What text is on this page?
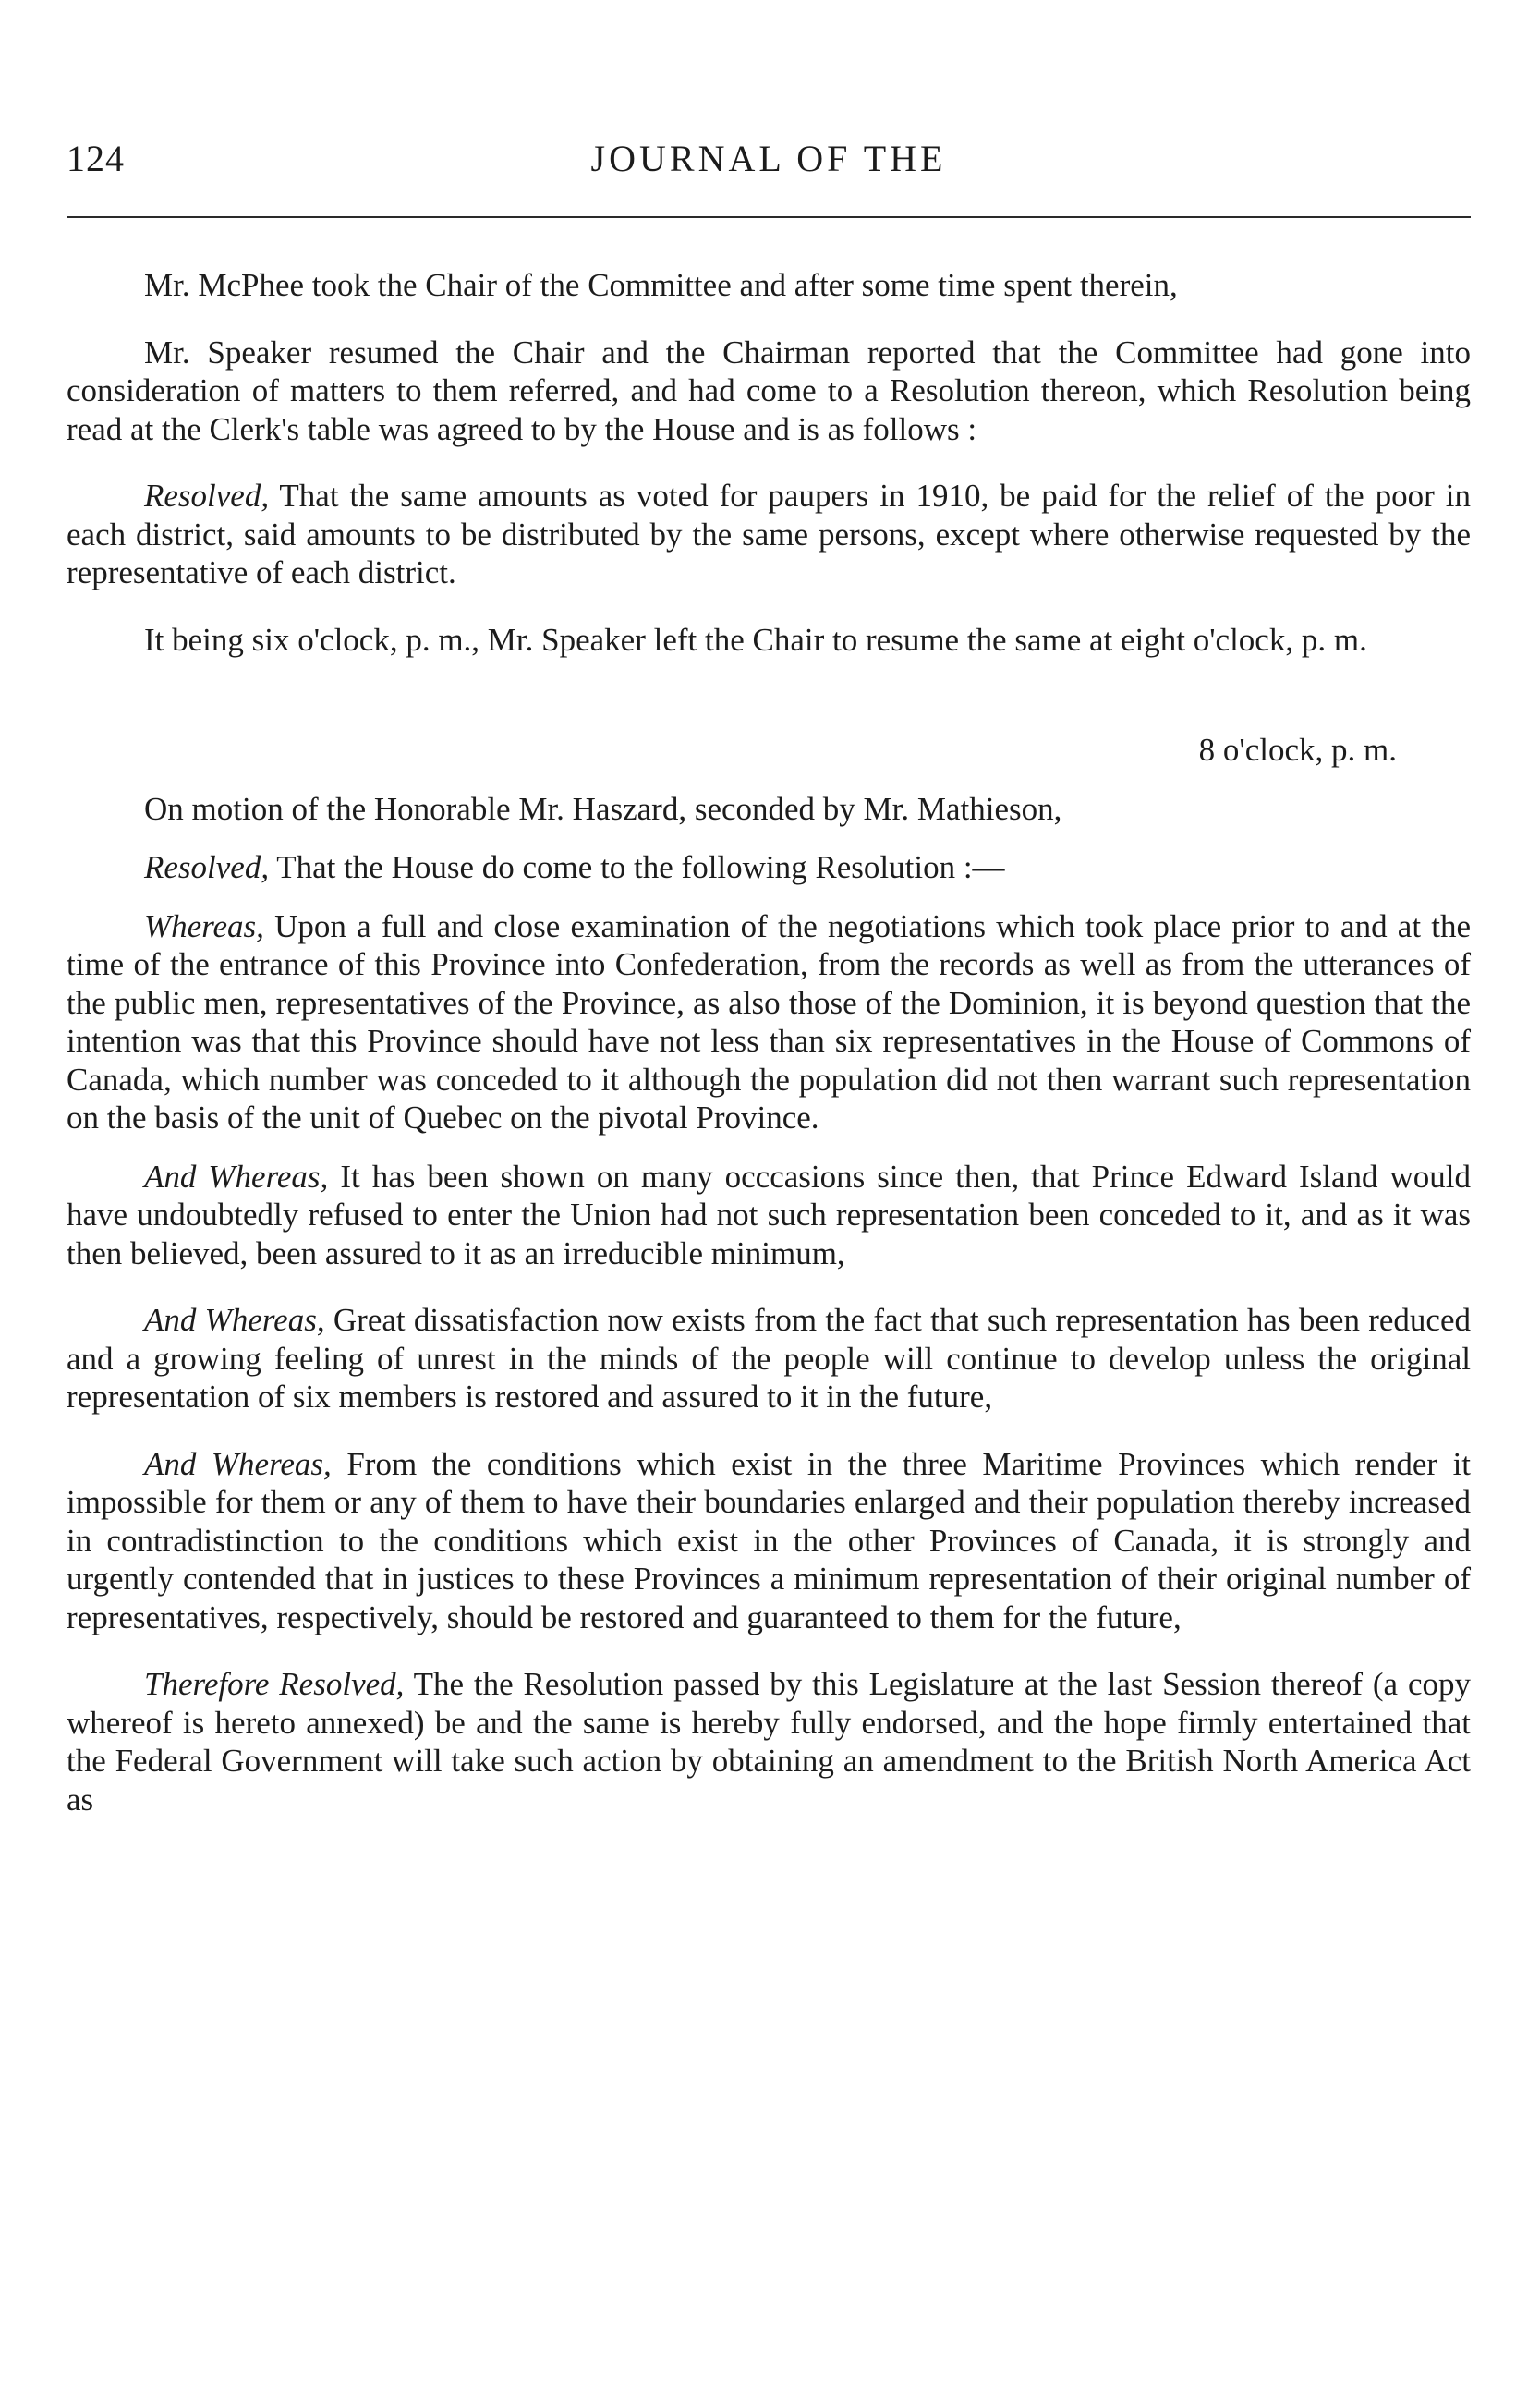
124	JOURNAL OF THE

Mr. McPhee took the Chair of the Committee and after some time spent therein,

Mr. Speaker resumed the Chair and the Chairman reported that the Committee had gone into consideration of matters to them referred, and had come to a Resolution thereon, which Resolution being read at the Clerk's table was agreed to by the House and is as follows :

Resolved, That the same amounts as voted for paupers in 1910, be paid for the relief of the poor in each district, said amounts to be distributed by the same persons, except where otherwise requested by the representative of each district.

It being six o'clock, p. m., Mr. Speaker left the Chair to resume the same at eight o'clock, p. m.

8 o'clock, p. m.

On motion of the Honorable Mr. Haszard, seconded by Mr. Mathieson,

Resolved, That the House do come to the following Resolution :—

Whereas, Upon a full and close examination of the negotiations which took place prior to and at the time of the entrance of this Province into Confederation, from the records as well as from the utterances of the public men, representatives of the Province, as also those of the Dominion, it is beyond question that the intention was that this Province should have not less than six representatives in the House of Commons of Canada, which number was conceded to it although the population did not then warrant such representation on the basis of the unit of Quebec on the pivotal Province.

And Whereas, It has been shown on many occcasions since then, that Prince Edward Island would have undoubtedly refused to enter the Union had not such representation been conceded to it, and as it was then believed, been assured to it as an irreducible minimum,

And Whereas, Great dissatisfaction now exists from the fact that such representation has been reduced and a growing feeling of unrest in the minds of the people will continue to develop unless the original representation of six members is restored and assured to it in the future,

And Whereas, From the conditions which exist in the three Maritime Provinces which render it impossible for them or any of them to have their boundaries enlarged and their population thereby increased in contradistinction to the conditions which exist in the other Provinces of Canada, it is strongly and urgently contended that in justices to these Provinces a minimum representation of their original number of representatives, respectively, should be restored and guaranteed to them for the future,

Therefore Resolved, The the Resolution passed by this Legislature at the last Session thereof (a copy whereof is hereto annexed) be and the same is hereby fully endorsed, and the hope firmly entertained that the Federal Government will take such action by obtaining an amendment to the British North America Act as
